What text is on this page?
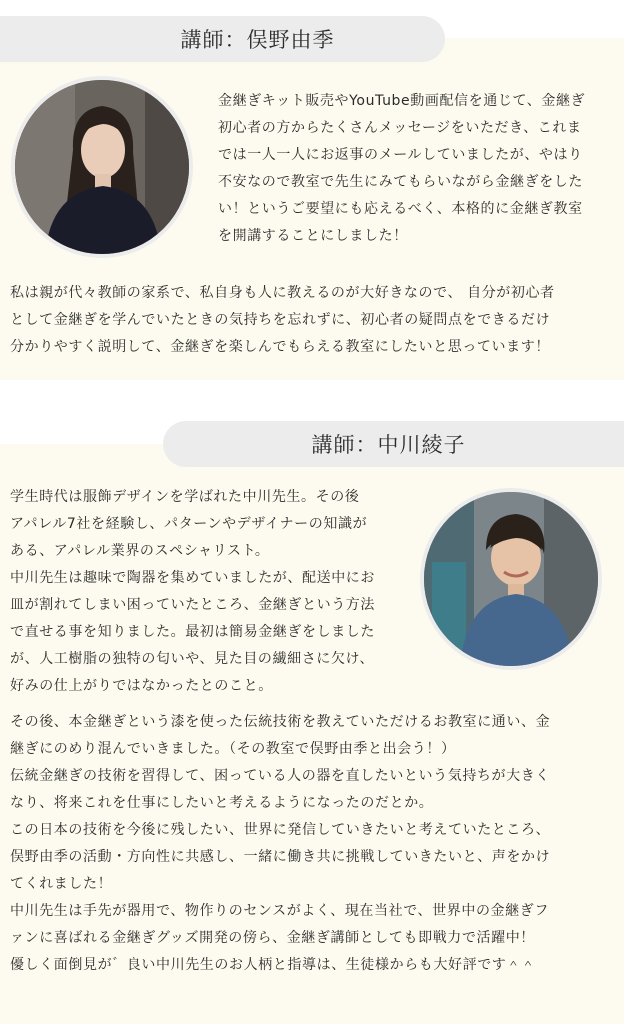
講師：俣野由季
金継ぎキット販売やYouTube動画配信を通じて、金継ぎ
初心者の方からたくさんメッセージをいただき、これま
では一人一人にお返事のメールしていましたが、やはり
不安なので教室で先生にみてもらいながら金継ぎをした
い！というご要望にも応えるべく、本格的に金継ぎ教室
を開講することにしました！
私は親が代々教師の家系で、私自身も人に教えるのが大好きなので、 自分が初心者
として金継ぎを学んでいたときの気持ちを忘れずに、初心者の疑問点をできるだけ
分かりやすく説明して、金継ぎを楽しんでもらえる教室にしたいと思っています！
講師：中川綾子
学生時代は服飾デザインを学ばれた中川先生。その後
アパレル7社を経験し、パターンやデザイナーの知識が
ある、アパレル業界のスペシャリスト。
中川先生は趣味で陶器を集めていましたが、配送中にお
皿が割れてしまい困っていたところ、金継ぎという方法
で直せる事を知りました。最初は簡易金継ぎをしました
が、人工樹脂の独特の匂いや、見た目の繊細さに欠け、
好みの仕上がりではなかったとのこと。
その後、本金継ぎという漆を使った伝統技術を教えていただけるお教室に通い、金
継ぎにのめり混んでいきました。（その教室で俣野由季と出会う！）
伝統金継ぎの技術を習得して、困っている人の器を直したいという気持ちが大きく
なり、将来これを仕事にしたいと考えるようになったのだとか。
この日本の技術を今後に残したい、世界に発信していきたいと考えていたところ、
俣野由季の活動・方向性に共感し、一緒に働き共に挑戦していきたいと、声をかけ
てくれました！
中川先生は手先が器用で、物作りのセンスがよく、現在当社で、世界中の金継ぎフ
ァンに喜ばれる金継ぎグッズ開発の傍ら、金継ぎ講師としても即戦力で活躍中！
優しく面倒見が゛良い中川先生のお人柄と指導は、生徒様からも大好評です＾＾
